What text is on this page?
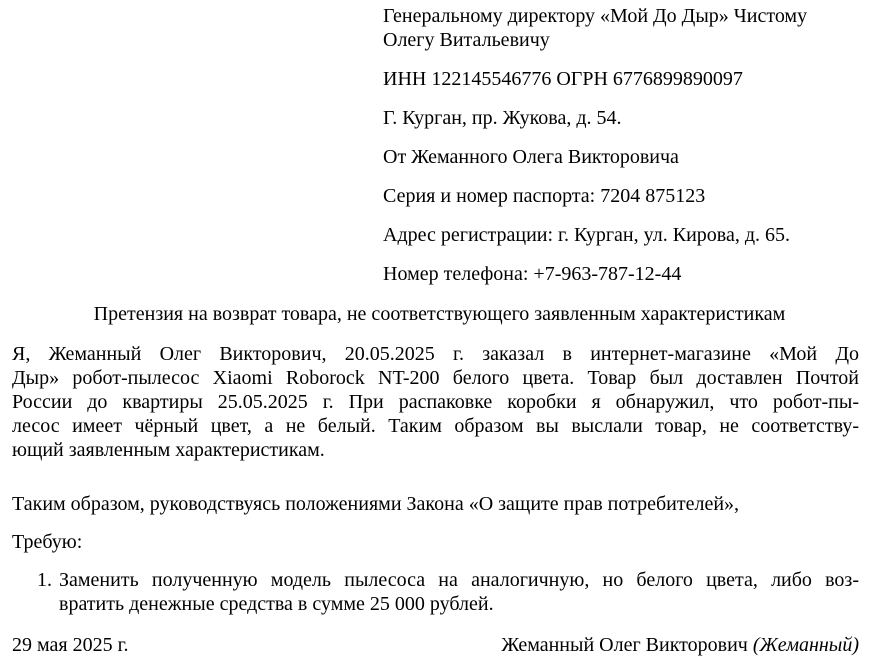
Генеральному директору «Мой До Дыр» Чистому
Олегу Витальевичу
ИНН 122145546776 ОГРН 6776899890097
Г. Курган, пр. Жукова, д. 54.
От Жеманного Олега Викторовича
Серия и номер паспорта: 7204 875123
Адрес регистрации: г. Курган, ул. Кирова, д. 65.
Номер телефона: +7-963-787-12-44
Претензия на возврат товара, не соответствующего заявленным характеристикам
Я, Жеманный Олег Викторович, 20.05.2025 г. заказал в интернет-магазине «Мой До
Дыр» робот-пылесос Xiaomi Roborock NT-200 белого цвета. Товар был доставлен Почтой
России до квартиры 25.05.2025 г. При распаковке коробки я обнаружил, что робот-пы-
лесос имеет чёрный цвет, а не белый. Таким образом вы выслали товар, не соответству-
ющий заявленным характеристикам.
Таким образом, руководствуясь положениями Закона «О защите прав потребителей»,
Требую:
1. Заменить полученную модель пылесоса на аналогичную, но белого цвета, либо воз-
вратить денежные средства в сумме 25 000 рублей.
29 мая 2025 г.	Жеманный Олег Викторович (Жеманный)
